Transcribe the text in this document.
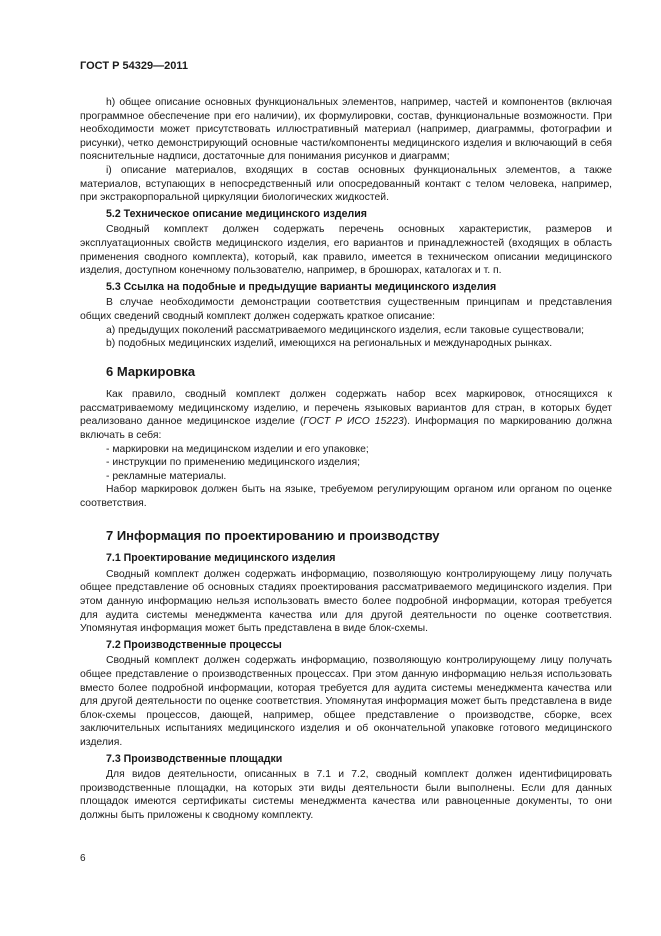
ГОСТ Р 54329—2011

h) общее описание основных функциональных элементов, например, частей и компонентов (включая программное обеспечение при его наличии), их формулировки, состав, функциональные возможности. При необходимости может присутствовать иллюстративный материал (например, диаграммы, фотографии и рисунки), четко демонстрирующий основные части/компоненты медицинского изделия и включающий в себя пояснительные надписи, достаточные для понимания рисунков и диаграмм;

i) описание материалов, входящих в состав основных функциональных элементов, а также материалов, вступающих в непосредственный или опосредованный контакт с телом человека, например, при экстракорпоральной циркуляции биологических жидкостей.

5.2 Техническое описание медицинского изделия

Сводный комплект должен содержать перечень основных характеристик, размеров и эксплуатационных свойств медицинского изделия, его вариантов и принадлежностей (входящих в область применения сводного комплекта), который, как правило, имеется в техническом описании медицинского изделия, доступном конечному пользователю, например, в брошюрах, каталогах и т. п.

5.3 Ссылка на подобные и предыдущие варианты медицинского изделия

В случае необходимости демонстрации соответствия существенным принципам и представления общих сведений сводный комплект должен содержать краткое описание:

a) предыдущих поколений рассматриваемого медицинского изделия, если таковые существовали;

b) подобных медицинских изделий, имеющихся на региональных и международных рынках.

6 Маркировка

Как правило, сводный комплект должен содержать набор всех маркировок, относящихся к рассматриваемому медицинскому изделию, и перечень языковых вариантов для стран, в которых будет реализовано данное медицинское изделие (ГОСТ Р ИСО 15223). Информация по маркированию должна включать в себя:

- маркировки на медицинском изделии и его упаковке;

- инструкции по применению медицинского изделия;

- рекламные материалы.

Набор маркировок должен быть на языке, требуемом регулирующим органом или органом по оценке соответствия.

7 Информация по проектированию и производству
7.1 Проектирование медицинского изделия

Сводный комплект должен содержать информацию, позволяющую контролирующему лицу получать общее представление об основных стадиях проектирования рассматриваемого медицинского изделия. При этом данную информацию нельзя использовать вместо более подробной информации, которая требуется для аудита системы менеджмента качества или для другой деятельности по оценке соответствия. Упомянутая информация может быть представлена в виде блок-схемы.

7.2 Производственные процессы

Сводный комплект должен содержать информацию, позволяющую контролирующему лицу получать общее представление о производственных процессах. При этом данную информацию нельзя использовать вместо более подробной информации, которая требуется для аудита системы менеджмента качества или для другой деятельности по оценке соответствия. Упомянутая информация может быть представлена в виде блок-схемы процессов, дающей, например, общее представление о производстве, сборке, всех заключительных испытаниях медицинского изделия и об окончательной упаковке готового медицинского изделия.

7.3 Производственные площадки

Для видов деятельности, описанных в 7.1 и 7.2, сводный комплект должен идентифицировать производственные площадки, на которых эти виды деятельности были выполнены. Если для данных площадок имеются сертификаты системы менеджмента качества или равноценные документы, то они должны быть приложены к сводному комплекту.

6
